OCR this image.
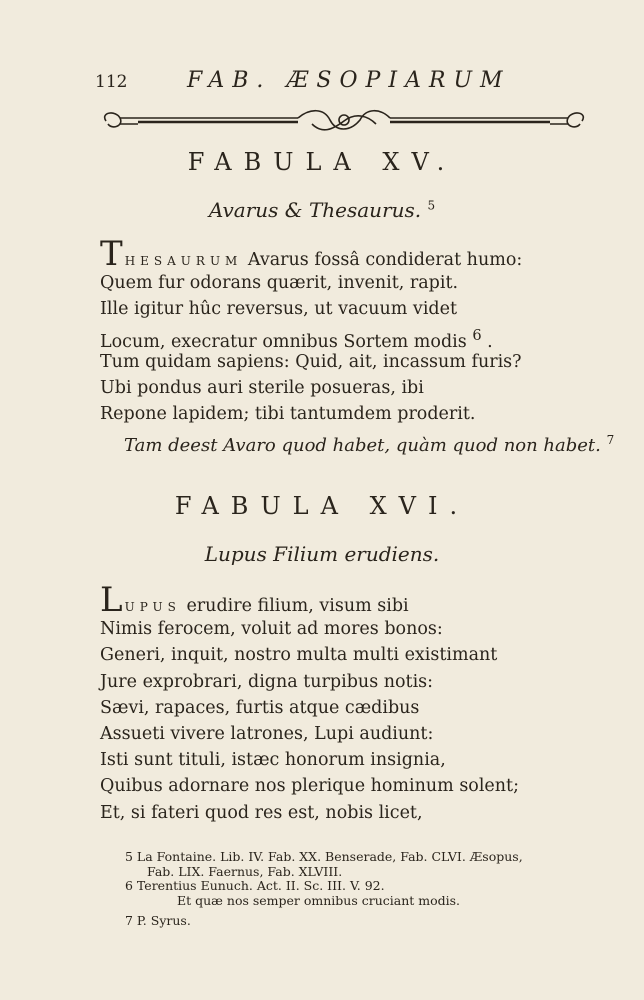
112	FAB. ÆSOPIARUM
FABULA XV.
Avarus & Thesaurus. $^5$
THESAURUM Avarus fossâ condiderat humo:
Quem fur odorans quærit, invenit, rapit.
Ille igitur hûc reversus, ut vacuum videt
Locum, execratur omnibus Sortem modis $^6$ .
Tum quidam sapiens: Quid, ait, incassum furis?
Ubi pondus auri sterile posueras, ibi
Repone lapidem; tibi tantumdem proderit.
Tam deest Avaro quod habet, quàm quod non habet. $^7$
FABULA XVI.
Lupus Filium erudiens.
LUPUS erudire filium, visum sibi
Nimis ferocem, voluit ad mores bonos:
Generi, inquit, nostro multa multi existimant
Jure exprobrari, digna turpibus notis:
Sævi, rapaces, furtis atque cædibus
Assueti vivere latrones, Lupi audiunt:
Isti sunt tituli, istæc honorum insignia,
Quibus adornare nos plerique hominum solent;
Et, si fateri quod res est, nobis licet,
5 La Fontaine. Lib. IV. Fab. XX. Benserade, Fab. CLVI. Æsopus,
Fab. LIX. Faernus, Fab. XLVIII.
6 Terentius Eunuch. Act. II. Sc. III. V. 92.
Et quæ nos semper omnibus cruciant modis.
7 P. Syrus.
